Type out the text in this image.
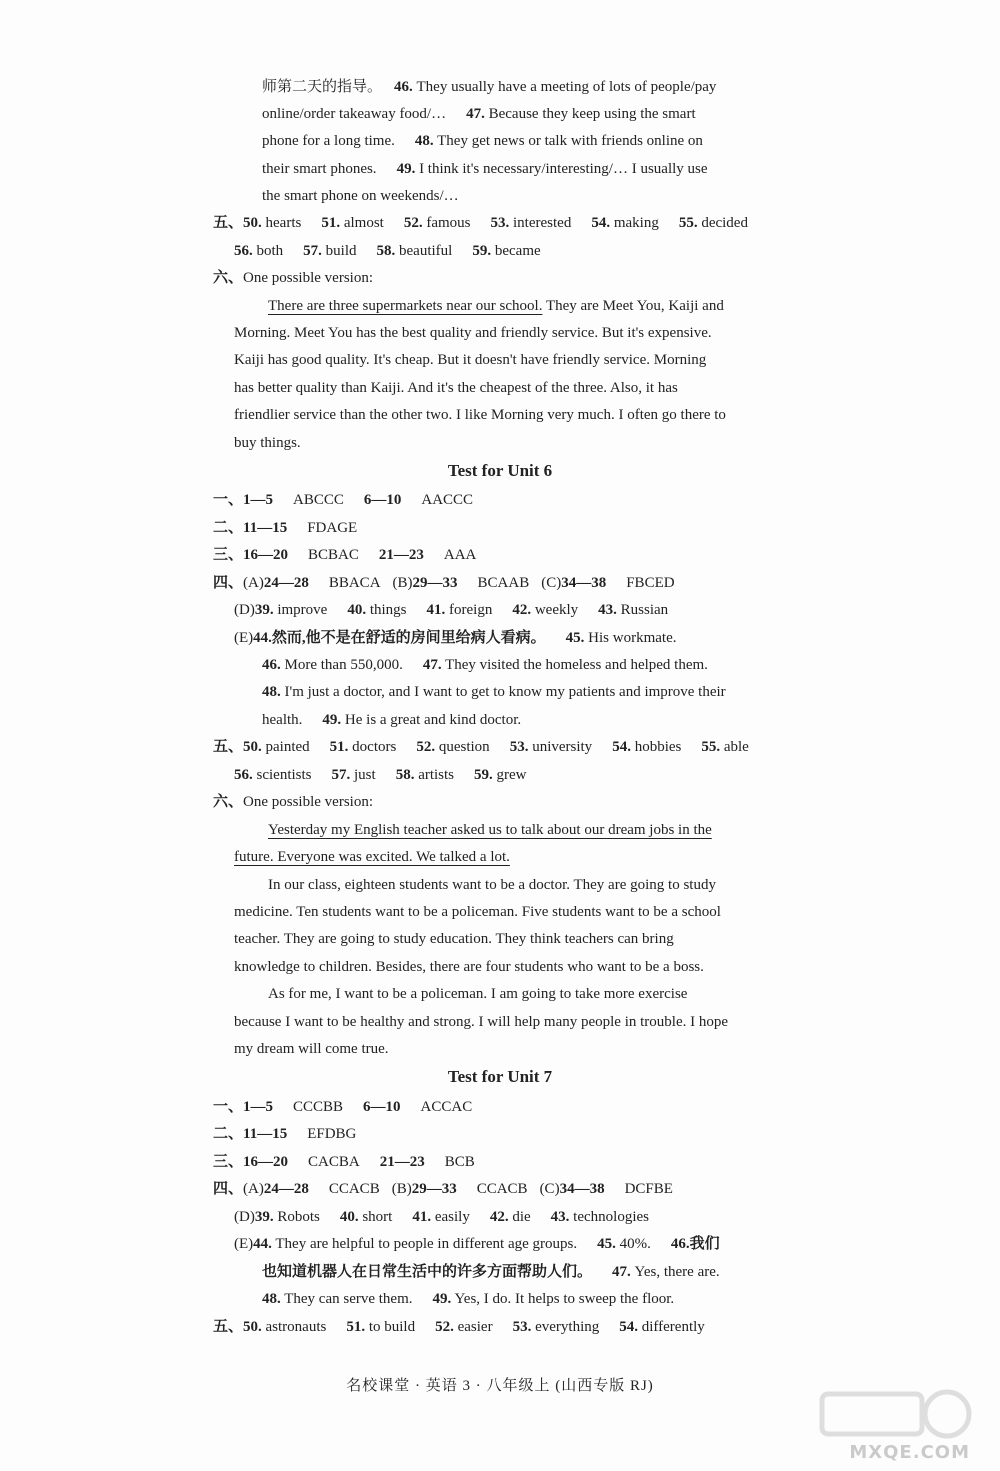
师第二天的指导。 46. They usually have a meeting of lots of people/pay
online/order takeaway food/… 47. Because they keep using the smart
phone for a long time. 48. They get news or talk with friends online on
their smart phones. 49. I think it's necessary/interesting/… I usually use
the smart phone on weekends/…
五、50. hearts 51. almost 52. famous 53. interested 54. making 55. decided
56. both 57. build 58. beautiful 59. became
六、One possible version:
There are three supermarkets near our school. They are Meet You, Kaiji and
Morning. Meet You has the best quality and friendly service. But it's expensive.
Kaiji has good quality. It's cheap. But it doesn't have friendly service. Morning
has better quality than Kaiji. And it's the cheapest of the three. Also, it has
friendlier service than the other two. I like Morning very much. I often go there to
buy things.
Test for Unit 6
一、1—5 ABCCC 6—10 AACCC
二、11—15 FDAGE
三、16—20 BCBAC 21—23 AAA
四、(A)24—28 BBACA (B)29—33 BCAAB (C)34—38 FBCED
(D)39. improve 40. things 41. foreign 42. weekly 43. Russian
(E)44.然而,他不是在舒适的房间里给病人看病。 45. His workmate.
46. More than 550,000. 47. They visited the homeless and helped them.
48. I'm just a doctor, and I want to get to know my patients and improve their
health. 49. He is a great and kind doctor.
五、50. painted 51. doctors 52. question 53. university 54. hobbies 55. able
56. scientists 57. just 58. artists 59. grew
六、One possible version:
Yesterday my English teacher asked us to talk about our dream jobs in the
future. Everyone was excited. We talked a lot.
In our class, eighteen students want to be a doctor. They are going to study
medicine. Ten students want to be a policeman. Five students want to be a school
teacher. They are going to study education. They think teachers can bring
knowledge to children. Besides, there are four students who want to be a boss.
As for me, I want to be a policeman. I am going to take more exercise
because I want to be healthy and strong. I will help many people in trouble. I hope
my dream will come true.
Test for Unit 7
一、1—5 CCCBB 6—10 ACCAC
二、11—15 EFDBG
三、16—20 CACBA 21—23 BCB
四、(A)24—28 CCACB (B)29—33 CCACB (C)34—38 DCFBE
(D)39. Robots 40. short 41. easily 42. die 43. technologies
(E)44. They are helpful to people in different age groups. 45. 40%. 46.我们
也知道机器人在日常生活中的许多方面帮助人们。 47. Yes, there are.
48. They can serve them. 49. Yes, I do. It helps to sweep the floor.
五、50. astronauts 51. to build 52. easier 53. everything 54. differently
名校课堂 · 英语 3 · 八年级上 (山西专版 RJ)
MXQE.COM
